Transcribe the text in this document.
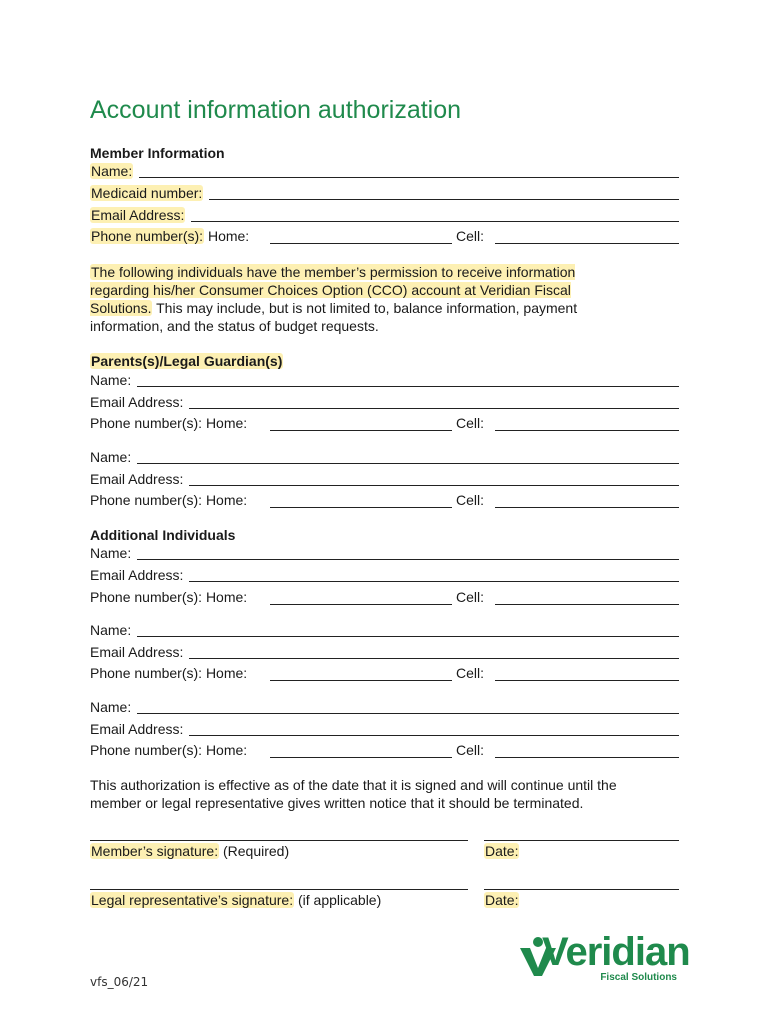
Account information authorization
Member Information
Name:
Medicaid number:
Email Address:
Phone number(s): Home:	Cell:
The following individuals have the member’s permission to receive information regarding his/her Consumer Choices Option (CCO) account at Veridian Fiscal Solutions. This may include, but is not limited to, balance information, payment information, and the status of budget requests.
Parents(s)/Legal Guardian(s)
Name:
Email Address:
Phone number(s): Home:	Cell:
Name:
Email Address:
Phone number(s): Home:	Cell:
Additional Individuals
Name:
Email Address:
Phone number(s): Home:	Cell:
Name:
Email Address:
Phone number(s): Home:	Cell:
Name:
Email Address:
Phone number(s): Home:	Cell:
This authorization is effective as of the date that it is signed and will continue until the member or legal representative gives written notice that it should be terminated.
Member’s signature: (Required)	Date:
Legal representative’s signature: (if applicable)	Date:
vfs_06/21
Veridian
Fiscal Solutions
